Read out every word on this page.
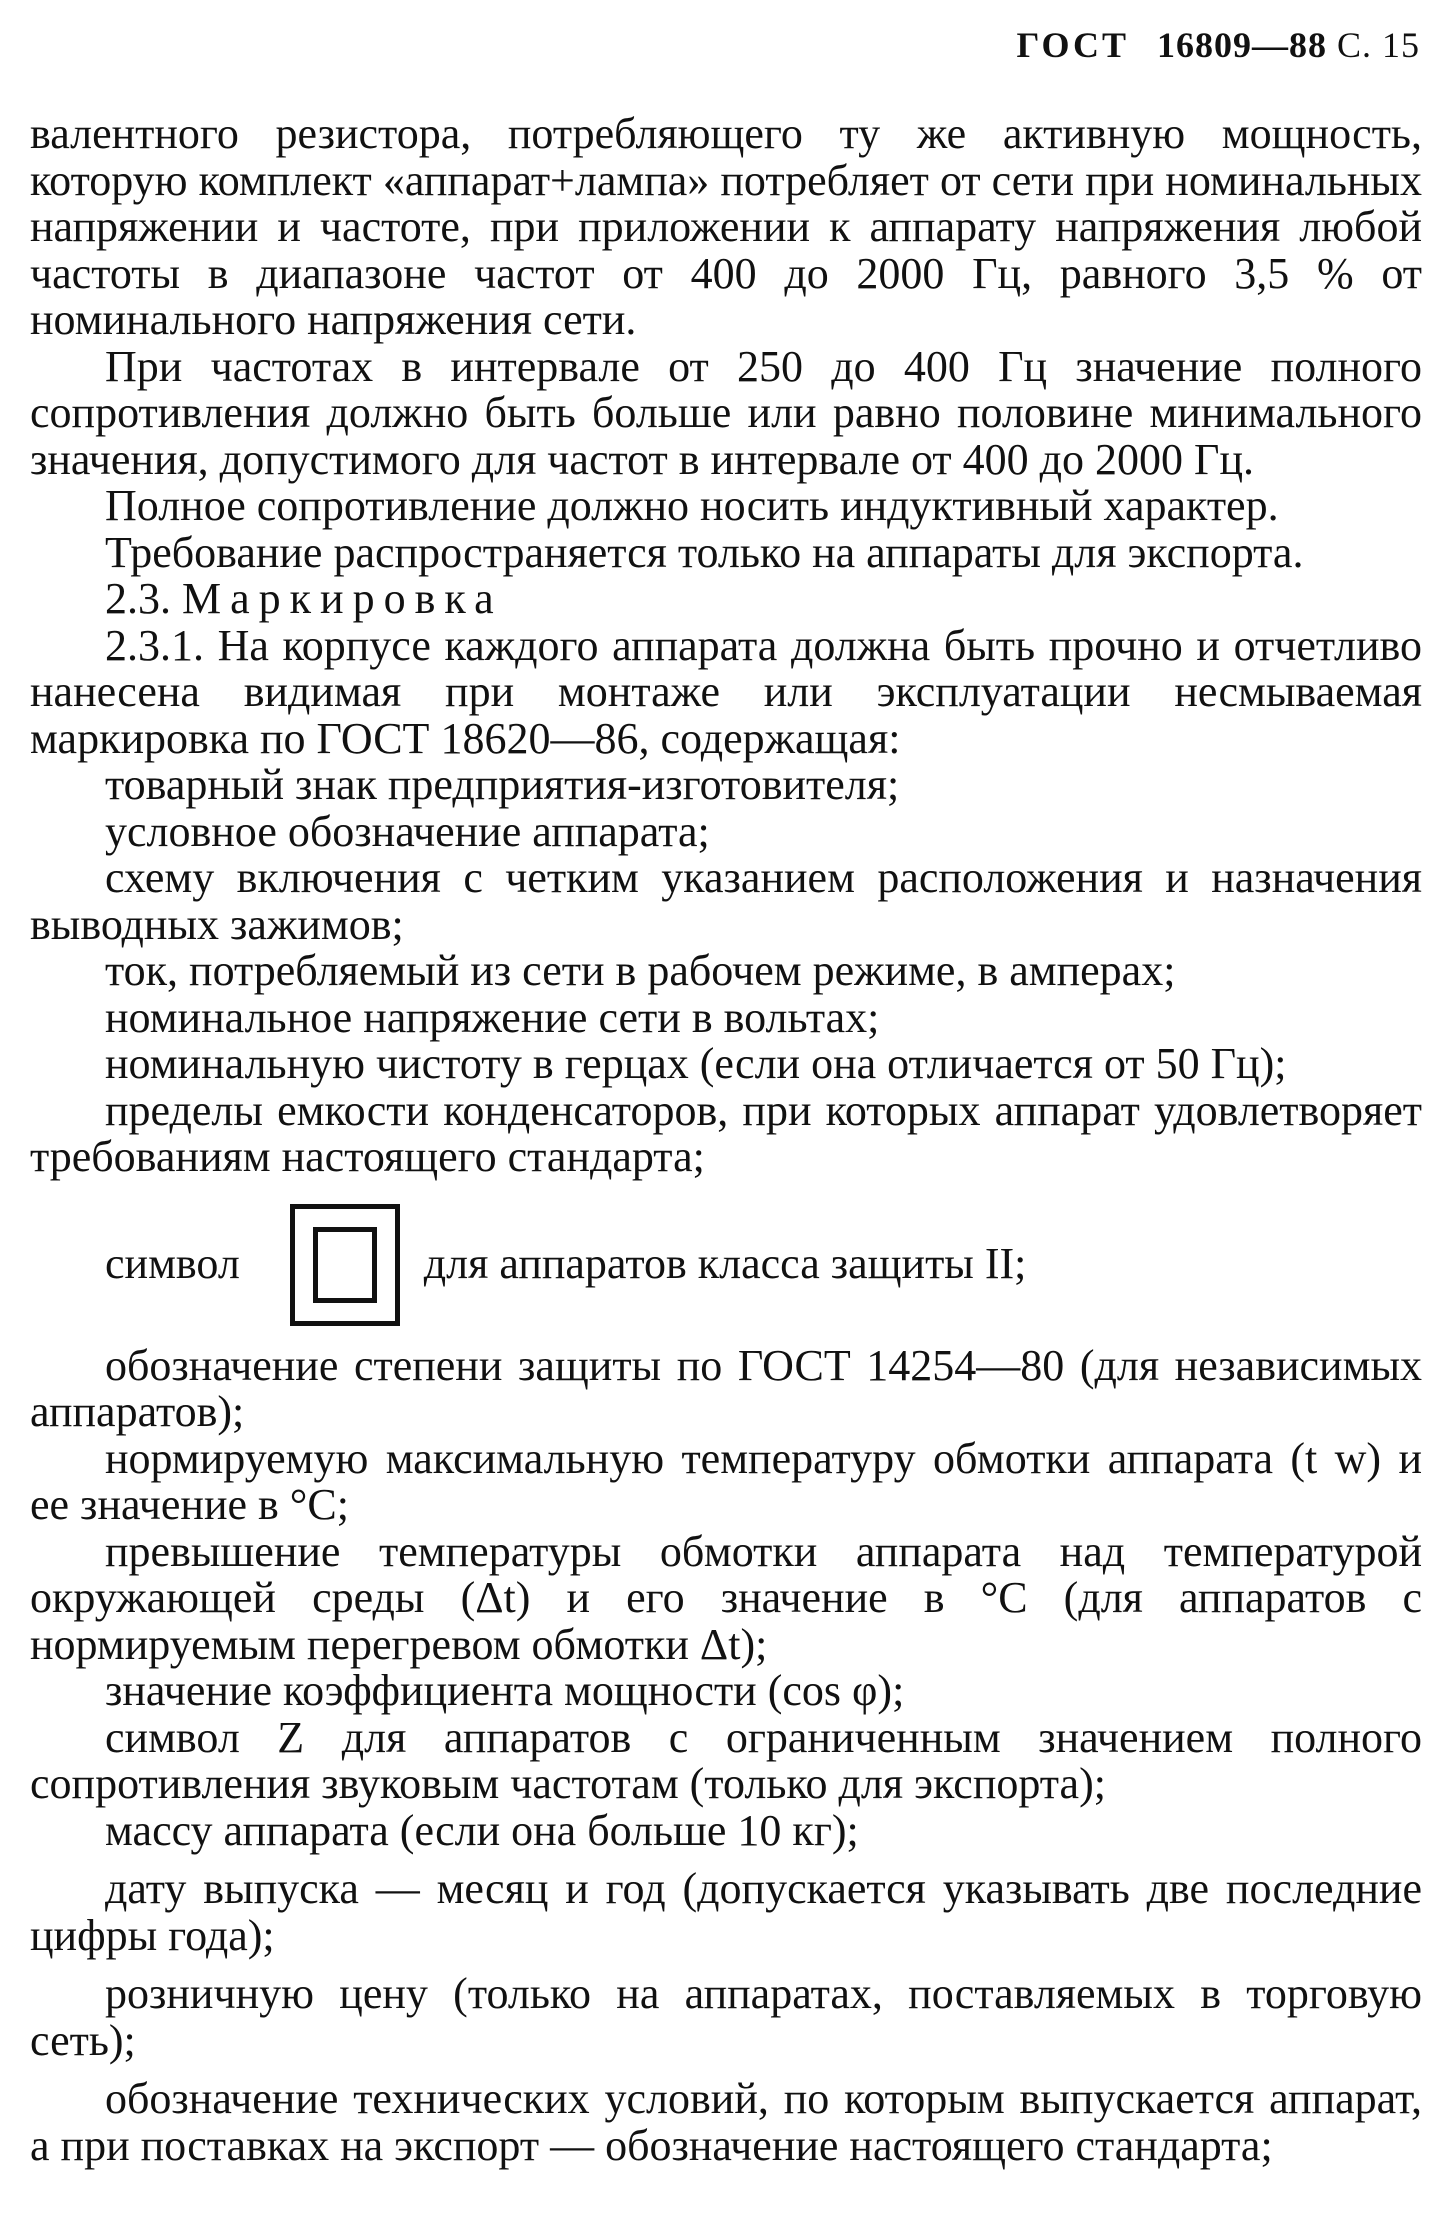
ГОСТ 16809—88 С. 15

валентного резистора, потребляющего ту же активную мощность, которую комплект «аппарат+лампа» потребляет от сети при номинальных напряжении и частоте, при приложении к аппарату напряжения любой частоты в диапазоне частот от 400 до 2000 Гц, равного 3,5 % от номинального напряжения сети.

При частотах в интервале от 250 до 400 Гц значение полного сопротивления должно быть больше или равно половине минимального значения, допустимого для частот в интервале от 400 до 2000 Гц.

Полное сопротивление должно носить индуктивный характер.

Требование распространяется только на аппараты для экспорта.

2.3. Маркировка

2.3.1. На корпусе каждого аппарата должна быть прочно и отчетливо нанесена видимая при монтаже или эксплуатации несмываемая маркировка по ГОСТ 18620—86, содержащая:

товарный знак предприятия-изготовителя;

условное обозначение аппарата;

схему включения с четким указанием расположения и назначения выводных зажимов;

ток, потребляемый из сети в рабочем режиме, в амперах;

номинальное напряжение сети в вольтах;

номинальную чистоту в герцах (если она отличается от 50 Гц);

пределы емкости конденсаторов, при которых аппарат удовлетворяет требованиям настоящего стандарта;

символ	для аппаратов класса защиты II;

обозначение степени защиты по ГОСТ 14254—80 (для независимых аппаратов);

нормируемую максимальную температуру обмотки аппарата (t w) и ее значение в °С;

превышение температуры обмотки аппарата над температурой окружающей среды (Δt) и его значение в °С (для аппаратов с нормируемым перегревом обмотки Δt);

значение коэффициента мощности (cos φ);

символ Z для аппаратов с ограниченным значением полного сопротивления звуковым частотам (только для экспорта);

массу аппарата (если она больше 10 кг);

дату выпуска — месяц и год (допускается указывать две последние цифры года);

розничную цену (только на аппаратах, поставляемых в торговую сеть);

обозначение технических условий, по которым выпускается аппарат, а при поставках на экспорт — обозначение настоящего стандарта;
